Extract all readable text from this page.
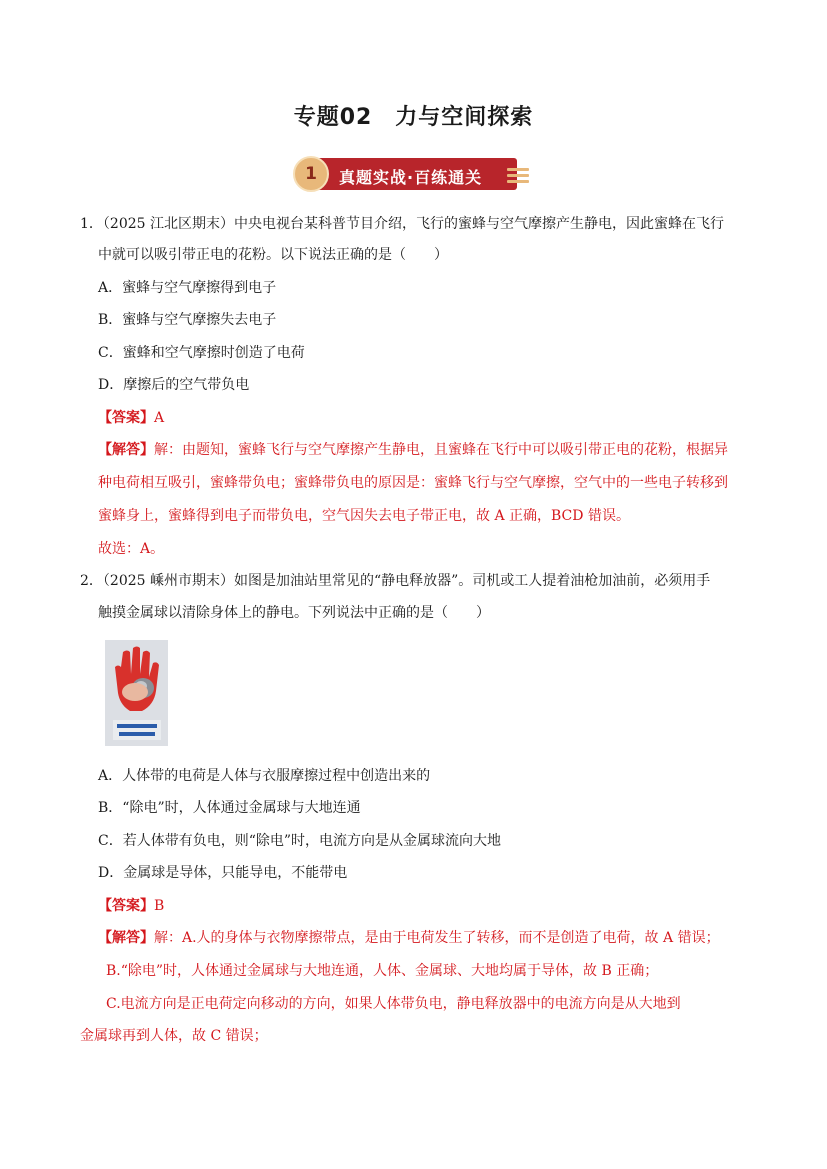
专题02　力与空间探索
1	真题实战·百练通关
1．（2025 江北区期末）中央电视台某科普节目介绍，飞行的蜜蜂与空气摩擦产生静电，因此蜜蜂在飞行
中就可以吸引带正电的花粉。以下说法正确的是（　　）
A．蜜蜂与空气摩擦得到电子
B．蜜蜂与空气摩擦失去电子
C．蜜蜂和空气摩擦时创造了电荷
D．摩擦后的空气带负电
【答案】A
【解答】解：由题知，蜜蜂飞行与空气摩擦产生静电，且蜜蜂在飞行中可以吸引带正电的花粉，根据异
种电荷相互吸引，蜜蜂带负电；蜜蜂带负电的原因是：蜜蜂飞行与空气摩擦，空气中的一些电子转移到
蜜蜂身上，蜜蜂得到电子而带负电，空气因失去电子带正电，故 A 正确，BCD 错误。
故选：A。
2．（2025 嵊州市期末）如图是加油站里常见的“静电释放器”。司机或工人提着油枪加油前，必须用手
触摸金属球以清除身体上的静电。下列说法中正确的是（　　）
A．人体带的电荷是人体与衣服摩擦过程中创造出来的
B．“除电”时，人体通过金属球与大地连通
C．若人体带有负电，则“除电”时，电流方向是从金属球流向大地
D．金属球是导体，只能导电，不能带电
【答案】B
【解答】解：A.人的身体与衣物摩擦带点，是由于电荷发生了转移，而不是创造了电荷，故 A 错误；
B.“除电”时，人体通过金属球与大地连通，人体、金属球、大地均属于导体，故 B 正确；
C.电流方向是正电荷定向移动的方向，如果人体带负电，静电释放器中的电流方向是从大地到
金属球再到人体，故 C 错误；
